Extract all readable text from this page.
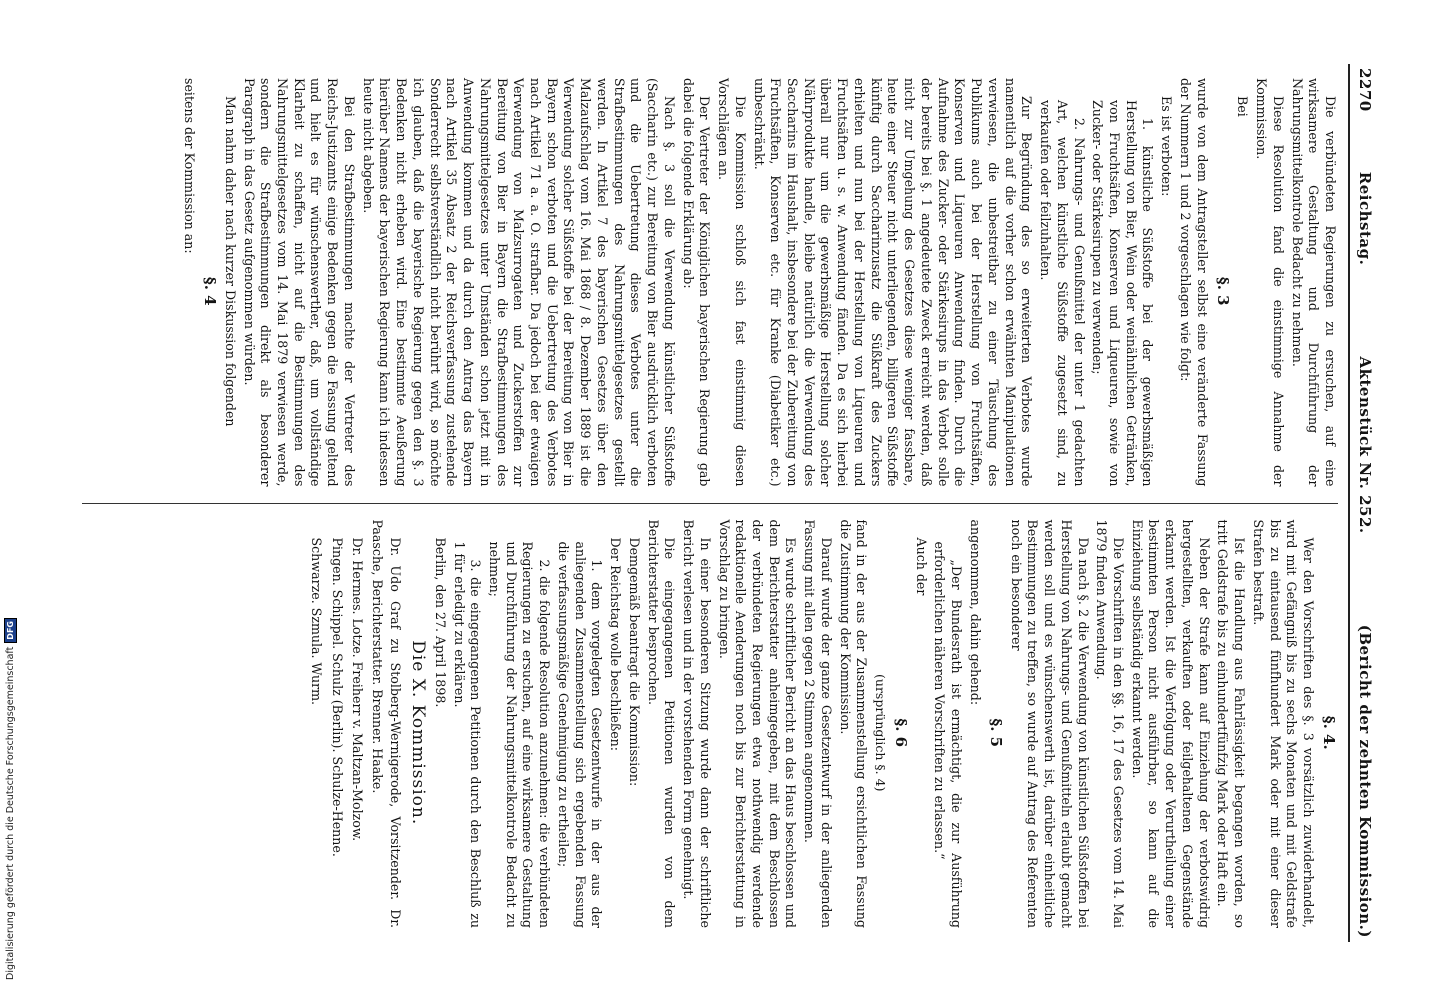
2270
Reichstag.
Aktenstück Nr. 252.
(Bericht der zehnten Kommission.)

Die verbündeten Regierungen zu ersuchen, auf eine wirksamere Gestaltung und Durchführung der Nahrungsmittelkontrole Bedacht zu nehmen.

Diese Resolution fand die einstimmige Annahme der Kommission.

Bei

§. 3

wurde von dem Antragsteller selbst eine veränderte Fassung der Nummern 1 und 2 vorgeschlagen wie folgt:

Es ist verboten:

1. künstliche Süßstoffe bei der gewerbsmäßigen Herstellung von Bier, Wein oder weinähnlichen Getränken, von Fruchtsäften, Konserven und Liqueuren, sowie von Zucker- oder Stärkesirupen zu verwenden;

2. Nahrungs- und Genußmittel der unter 1 gedachten Art, welchen künstliche Süßstoffe zugesetzt sind, zu verkaufen oder feilzuhalten.

Zur Begründung des so erweiterten Verbotes wurde namentlich auf die vorher schon erwähnten Manipulationen verwiesen, die unbestreitbar zu einer Täuschung des Publikums auch bei der Herstellung von Fruchtsäften, Konserven und Liqueuren Anwendung finden. Durch die Aufnahme des Zucker- oder Stärkesirups in das Verbot solle der bereits bei §. 1 angedeutete Zweck erreicht werden, daß nicht zur Umgehung des Gesetzes diese weniger fassbare, heute einer Steuer nicht unterliegenden, billigeren Süßstoffe künftig durch Saccharinzusatz die Süßkraft des Zuckers erhielten und nun bei der Herstellung von Liqueuren und Fruchtsäften u. s. w. Anwendung fänden. Da es sich hierbei überall nur um die gewerbsmäßige Herstellung solcher Nährprodukte handle, bleibe natürlich die Verwendung des Saccharins im Haushalt, insbesondere bei der Zubereitung von Fruchtsäften, Konserven etc. für Kranke (Diabetiker etc.) unbeschränkt.

Die Kommission schloß sich fast einstimmig diesen Vorschlägen an.

Der Vertreter der Königlichen bayerischen Regierung gab dabei die folgende Erklärung ab:

Nach §. 3 soll die Verwendung künstlicher Süßstoffe (Saccharin etc.) zur Bereitung von Bier ausdrücklich verboten und die Uebertretung dieses Verbotes unter die Strafbestimmungen des Nahrungsmittelgesetzes gestellt werden. In Artikel 7 des bayerischen Gesetzes über den Malzaufschlag vom 16. Mai 1868 / 8. Dezember 1889 ist die Verwendung solcher Süßstoffe bei der Bereitung von Bier in Bayern schon verboten und die Uebertretung des Verbotes nach Artikel 71 a. a. O. strafbar. Da jedoch bei der etwaigen Verwendung von Malzsurrogaten und Zuckerstoffen zur Bereitung von Bier in Bayern die Strafbestimmungen des Nahrungsmittelgesetzes unter Umständen schon jetzt mit in Anwendung kommen und da durch den Antrag das Bayern nach Artikel 35 Absatz 2 der Reichsverfassung zustehende Sonderrecht selbstverständlich nicht berührt wird, so möchte ich glauben, daß die bayerische Regierung gegen den §. 3 Bedenken nicht erheben wird. Eine bestimmte Aeußerung hierüber Namens der bayerischen Regierung kann ich indessen heute nicht abgeben.

Bei den Strafbestimmungen machte der Vertreter des Reichs-Justizamts einige Bedenken gegen die Fassung geltend und hielt es für wünschenswerther, daß, um vollständige Klarheit zu schaffen, nicht auf die Bestimmungen des Nahrungsmittelgesetzes vom 14. Mai 1879 verwiesen werde, sondern die Strafbestimmungen direkt als besonderer Paragraph in das Gesetz aufgenommen würden.

Man nahm daher nach kurzer Diskussion folgenden

§. 4

seitens der Kommission an:

§. 4.

Wer den Vorschriften des §. 3 vorsätzlich zuwiderhandelt, wird mit Gefängniß bis zu sechs Monaten und mit Geldstrafe bis zu eintausend fünfhundert Mark oder mit einer dieser Strafen bestraft.

Ist die Handlung aus Fahrlässigkeit begangen worden, so tritt Geldstrafe bis zu einhundertfünfzig Mark oder Haft ein.

Neben der Strafe kann auf Einziehung der verbotswidrig hergestellten, verkauften oder feilgehaltenen Gegenstände erkannt werden. Ist die Verfolgung oder Verurtheilung einer bestimmten Person nicht ausführbar, so kann auf die Einziehung selbständig erkannt werden.

Die Vorschriften in den §§. 16, 17 des Gesetzes vom 14. Mai 1879 finden Anwendung.

Da nach §. 2 die Verwendung von künstlichen Süßstoffen bei Herstellung von Nahrungs- und Genußmitteln erlaubt gemacht werden soll und es wünschenswerth ist, darüber einheitliche Bestimmungen zu treffen, so wurde auf Antrag des Referenten noch ein besonderer

§. 5

angenommen, dahin gehend:

„Der Bundesrath ist ermächtigt, die zur Ausführung erforderlichen näheren Vorschriften zu erlassen.“

Auch der

§. 6

(ursprünglich §. 4)

fand in der aus der Zusammenstellung ersichtlichen Fassung die Zustimmung der Kommission.

Darauf wurde der ganze Gesetzentwurf in der anliegenden Fassung mit allen gegen 2 Stimmen angenommen.

Es wurde schriftlicher Bericht an das Haus beschlossen und dem Berichterstatter anheimgegeben, mit dem Beschlossen der verbündeten Regierungen etwa nothwendig werdende redaktionelle Aenderungen noch bis zur Berichterstattung in Vorschlag zu bringen.

In einer besonderen Sitzung wurde dann der schriftliche Bericht verlesen und in der vorstehenden Form genehmigt.

Die eingegangenen Petitionen wurden von dem Berichterstatter besprochen.

Demgemäß beantragt die Kommission:

Der Reichstag wolle beschließen:

1. dem vorgelegten Gesetzentwurfe in der aus der anliegenden Zusammenstellung sich ergebenden Fassung die verfassungsmäßige Genehmigung zu ertheilen;

2. die folgende Resolution anzunehmen: die verbündeten Regierungen zu ersuchen, auf eine wirksamere Gestaltung und Durchführung der Nahrungsmittelkontrole Bedacht zu nehmen;

3. die eingegangenen Petitionen durch den Beschluß zu 1 für erledigt zu erklären.

Berlin, den 27. April 1898.

Die X. Kommission.

Dr. Udo Graf zu Stolberg-Wernigerode, Vorsitzender. Dr. Paasche, Berichterstatter. Brenner. Haake.

Dr. Hermes. Lotze. Freiherr v. Maltzan-Molzow.

Pingen. Schippel. Schulz (Berlin). Schulze-Henne.

Schwarze. Szmula. Wurm.

Digitalisierung gefördert durch die Deutsche Forschungsgemeinschaft
DFG
